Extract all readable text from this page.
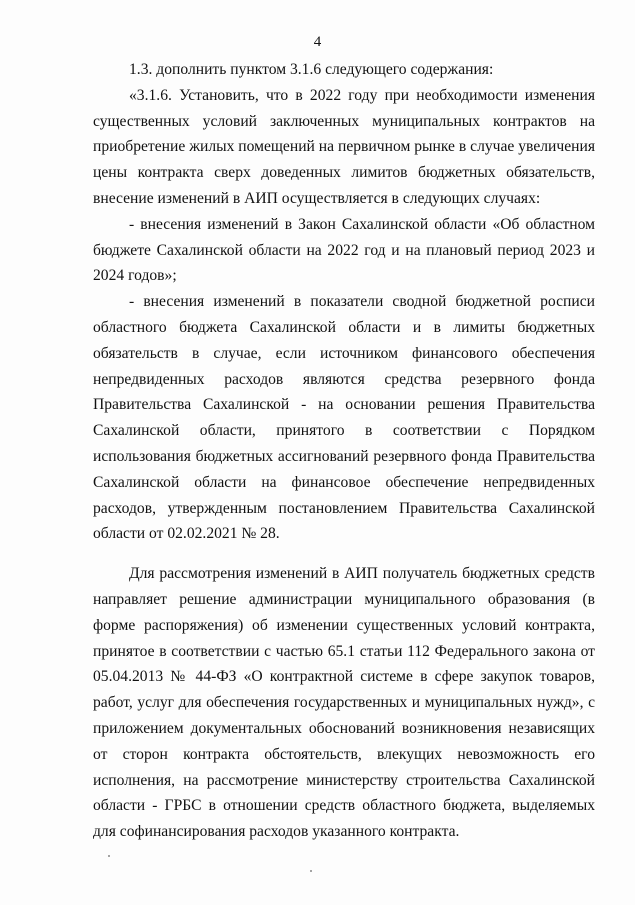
4

1.3. дополнить пунктом 3.1.6 следующего содержания:

«3.1.6. Установить, что в 2022 году при необходимости изменения существенных условий заключенных муниципальных контрактов на приобретение жилых помещений на первичном рынке в случае увеличения цены контракта сверх доведенных лимитов бюджетных обязательств, внесение изменений в АИП осуществляется в следующих случаях:

- внесения изменений в Закон Сахалинской области «Об областном бюджете Сахалинской области на 2022 год и на плановый период 2023 и 2024 годов»;

- внесения изменений в показатели сводной бюджетной росписи областного бюджета Сахалинской области и в лимиты бюджетных обязательств в случае, если источником финансового обеспечения непредвиденных расходов являются средства резервного фонда Правительства Сахалинской - на основании решения Правительства Сахалинской области, принятого в соответствии с Порядком использования бюджетных ассигнований резервного фонда Правительства Сахалинской области на финансовое обеспечение непредвиденных расходов, утвержденным постановлением Правительства Сахалинской области от 02.02.2021 № 28.

Для рассмотрения изменений в АИП получатель бюджетных средств направляет решение администрации муниципального образования (в форме распоряжения) об изменении существенных условий контракта, принятое в соответствии с частью 65.1 статьи 112 Федерального закона от 05.04.2013 № 44-ФЗ «О контрактной системе в сфере закупок товаров, работ, услуг для обеспечения государственных и муниципальных нужд», с приложением документальных обоснований возникновения независящих от сторон контракта обстоятельств, влекущих невозможность его исполнения, на рассмотрение министерству строительства Сахалинской области - ГРБС в отношении средств областного бюджета, выделяемых для софинансирования расходов указанного контракта.
